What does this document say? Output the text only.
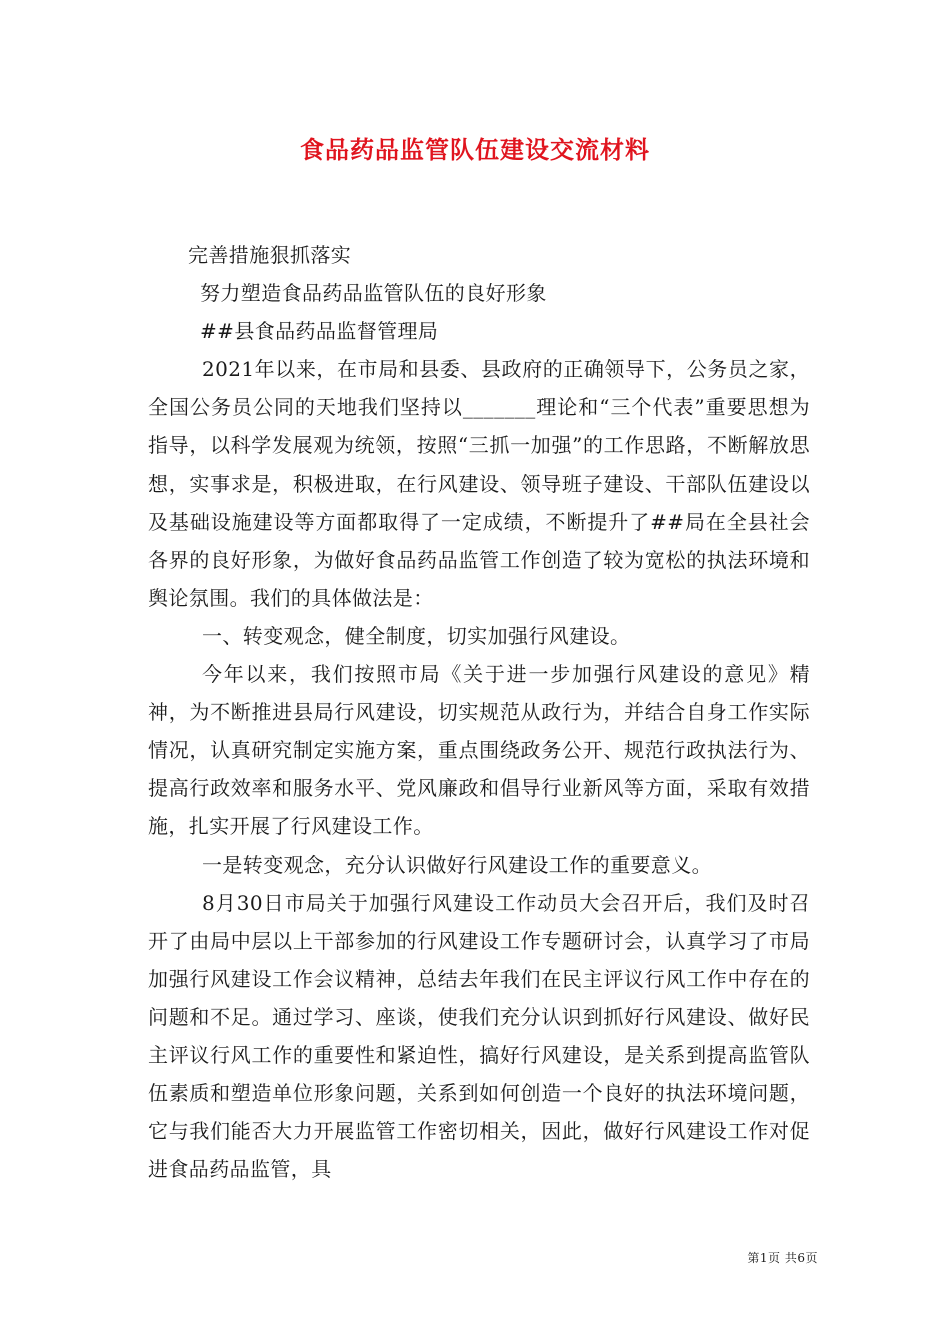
食品药品监管队伍建设交流材料

完善措施狠抓落实

努力塑造食品药品监管队伍的良好形象

##县食品药品监督管理局

2021年以来，在市局和县委、县政府的正确领导下，公务员之家，全国公务员公同的天地我们坚持以_______理论和“三个代表”重要思想为指导，以科学发展观为统领，按照“三抓一加强”的工作思路，不断解放思想，实事求是，积极进取，在行风建设、领导班子建设、干部队伍建设以及基础设施建设等方面都取得了一定成绩，不断提升了##局在全县社会各界的良好形象，为做好食品药品监管工作创造了较为宽松的执法环境和舆论氛围。我们的具体做法是：

一、转变观念，健全制度，切实加强行风建设。

今年以来，我们按照市局《关于进一步加强行风建设的意见》精神，为不断推进县局行风建设，切实规范从政行为，并结合自身工作实际情况，认真研究制定实施方案，重点围绕政务公开、规范行政执法行为、提高行政效率和服务水平、党风廉政和倡导行业新风等方面，采取有效措施，扎实开展了行风建设工作。

一是转变观念，充分认识做好行风建设工作的重要意义。

8月30日市局关于加强行风建设工作动员大会召开后，我们及时召开了由局中层以上干部参加的行风建设工作专题研讨会，认真学习了市局加强行风建设工作会议精神，总结去年我们在民主评议行风工作中存在的问题和不足。通过学习、座谈，使我们充分认识到抓好行风建设、做好民主评议行风工作的重要性和紧迫性，搞好行风建设，是关系到提高监管队伍素质和塑造单位形象问题，关系到如何创造一个良好的执法环境问题，它与我们能否大力开展监管工作密切相关，因此，做好行风建设工作对促进食品药品监管，具

第1页 共6页
